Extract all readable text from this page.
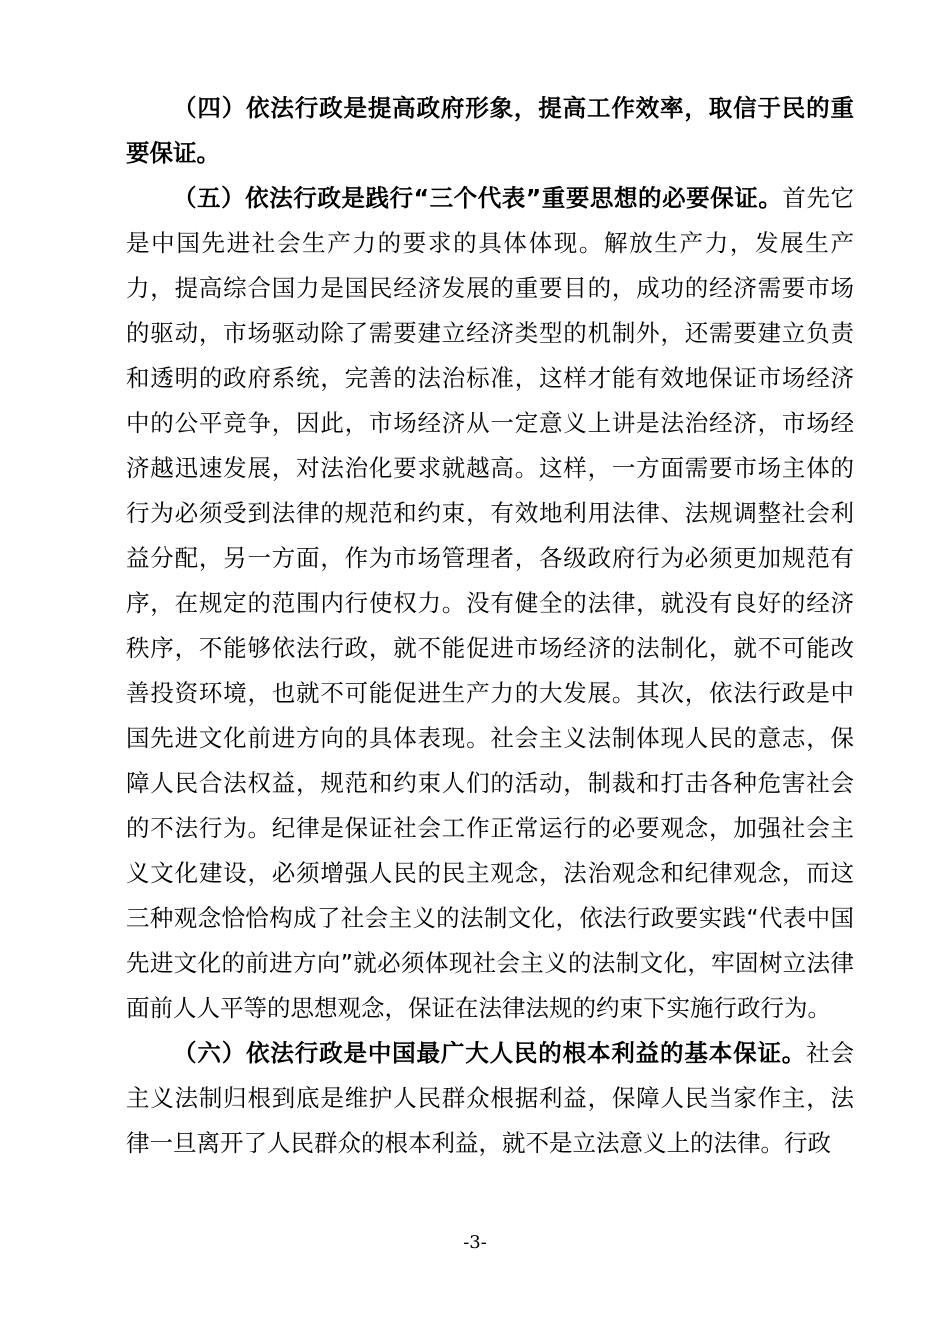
（四）依法行政是提高政府形象，提高工作效率，取信于民的重要保证。

（五）依法行政是践行“三个代表”重要思想的必要保证。首先它是中国先进社会生产力的要求的具体体现。解放生产力，发展生产力，提高综合国力是国民经济发展的重要目的，成功的经济需要市场的驱动，市场驱动除了需要建立经济类型的机制外，还需要建立负责和透明的政府系统，完善的法治标准，这样才能有效地保证市场经济中的公平竞争，因此，市场经济从一定意义上讲是法治经济，市场经济越迅速发展，对法治化要求就越高。这样，一方面需要市场主体的行为必须受到法律的规范和约束，有效地利用法律、法规调整社会利益分配，另一方面，作为市场管理者，各级政府行为必须更加规范有序，在规定的范围内行使权力。没有健全的法律，就没有良好的经济秩序，不能够依法行政，就不能促进市场经济的法制化，就不可能改善投资环境，也就不可能促进生产力的大发展。其次，依法行政是中国先进文化前进方向的具体表现。社会主义法制体现人民的意志，保障人民合法权益，规范和约束人们的活动，制裁和打击各种危害社会的不法行为。纪律是保证社会工作正常运行的必要观念，加强社会主义文化建设，必须增强人民的民主观念，法治观念和纪律观念，而这三种观念恰恰构成了社会主义的法制文化，依法行政要实践“代表中国先进文化的前进方向”就必须体现社会主义的法制文化，牢固树立法律面前人人平等的思想观念，保证在法律法规的约束下实施行政行为。

（六）依法行政是中国最广大人民的根本利益的基本保证。社会主义法制归根到底是维护人民群众根据利益，保障人民当家作主，法律一旦离开了人民群众的根本利益，就不是立法意义上的法律。行政

-3-
